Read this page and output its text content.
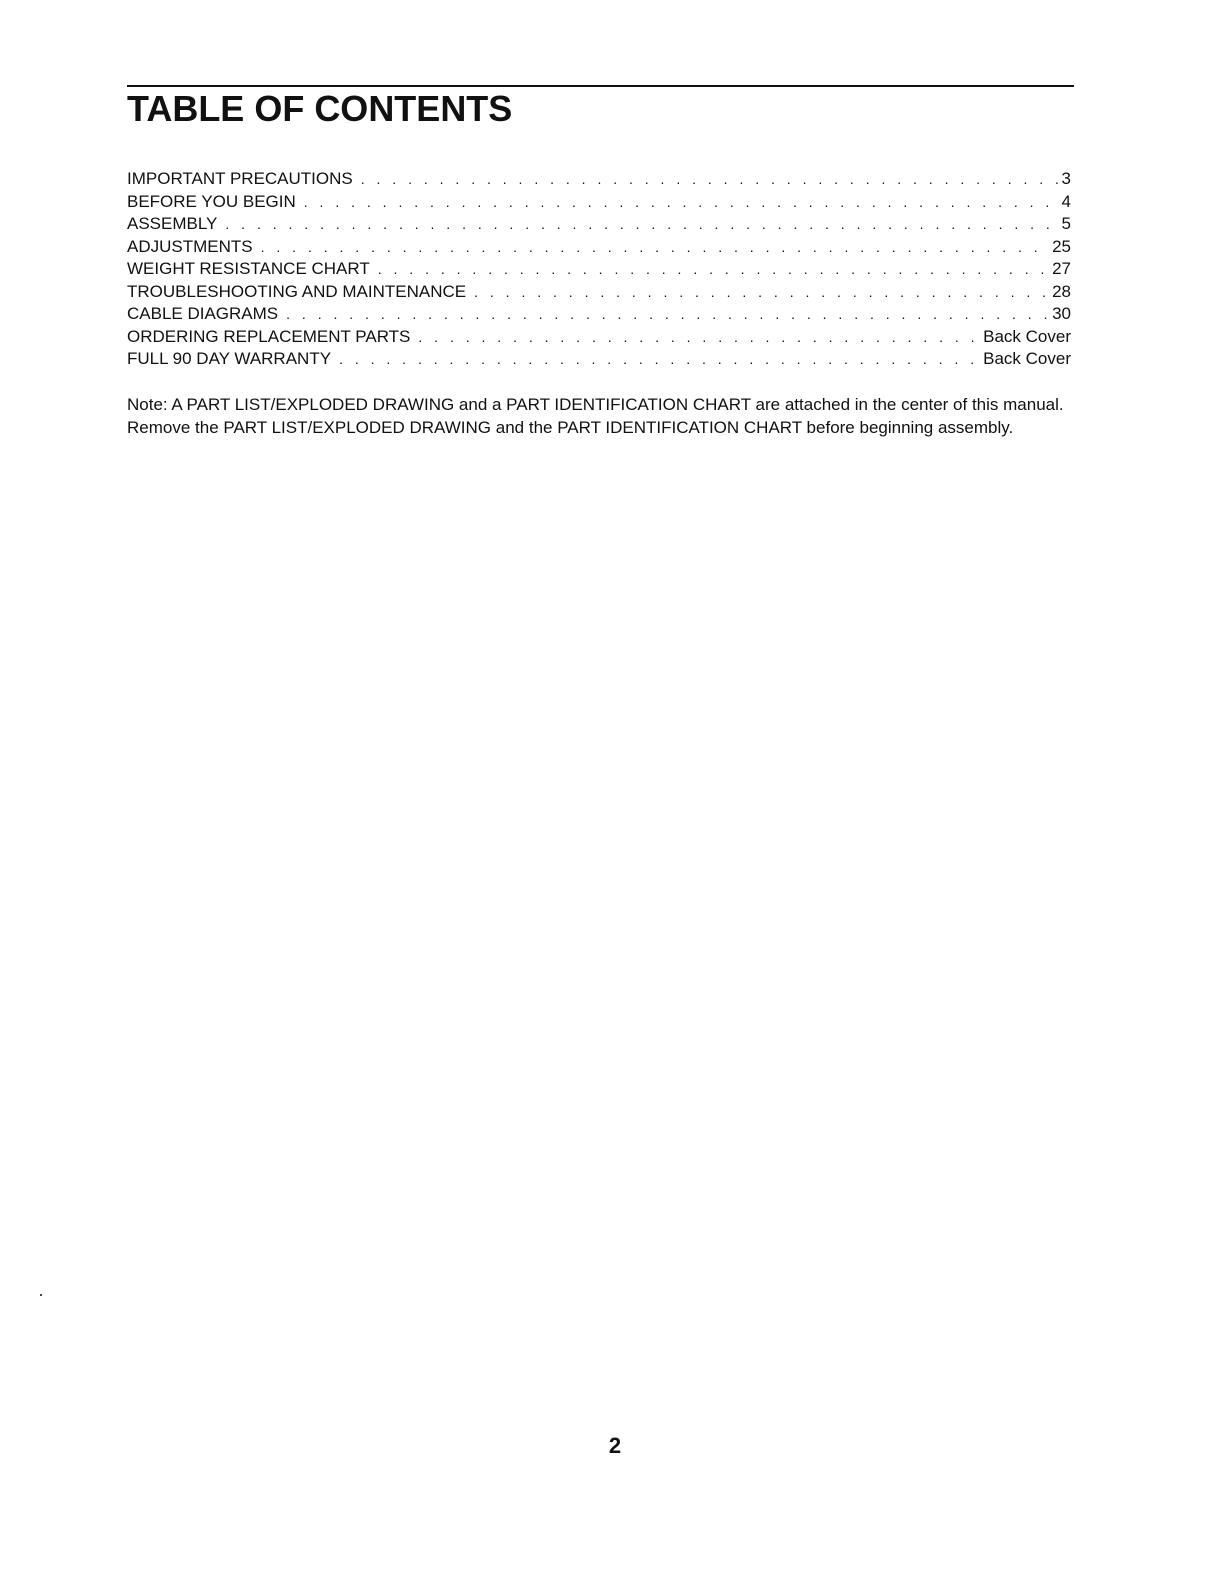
TABLE OF CONTENTS
IMPORTANT PRECAUTIONS . . .	3
BEFORE YOU BEGIN . . .	4
ASSEMBLY . . .	5
ADJUSTMENTS . . .	25
WEIGHT RESISTANCE CHART . . .	27
TROUBLESHOOTING AND MAINTENANCE . . .	28
CABLE DIAGRAMS . . .	30
ORDERING REPLACEMENT PARTS . . .	Back Cover
FULL 90 DAY WARRANTY . . .	Back Cover

Note: A PART LIST/EXPLODED DRAWING and a PART IDENTIFICATION CHART are attached in the center of this manual. Remove the PART LIST/EXPLODED DRAWING and the PART IDENTIFICATION CHART before beginning assembly.

2
